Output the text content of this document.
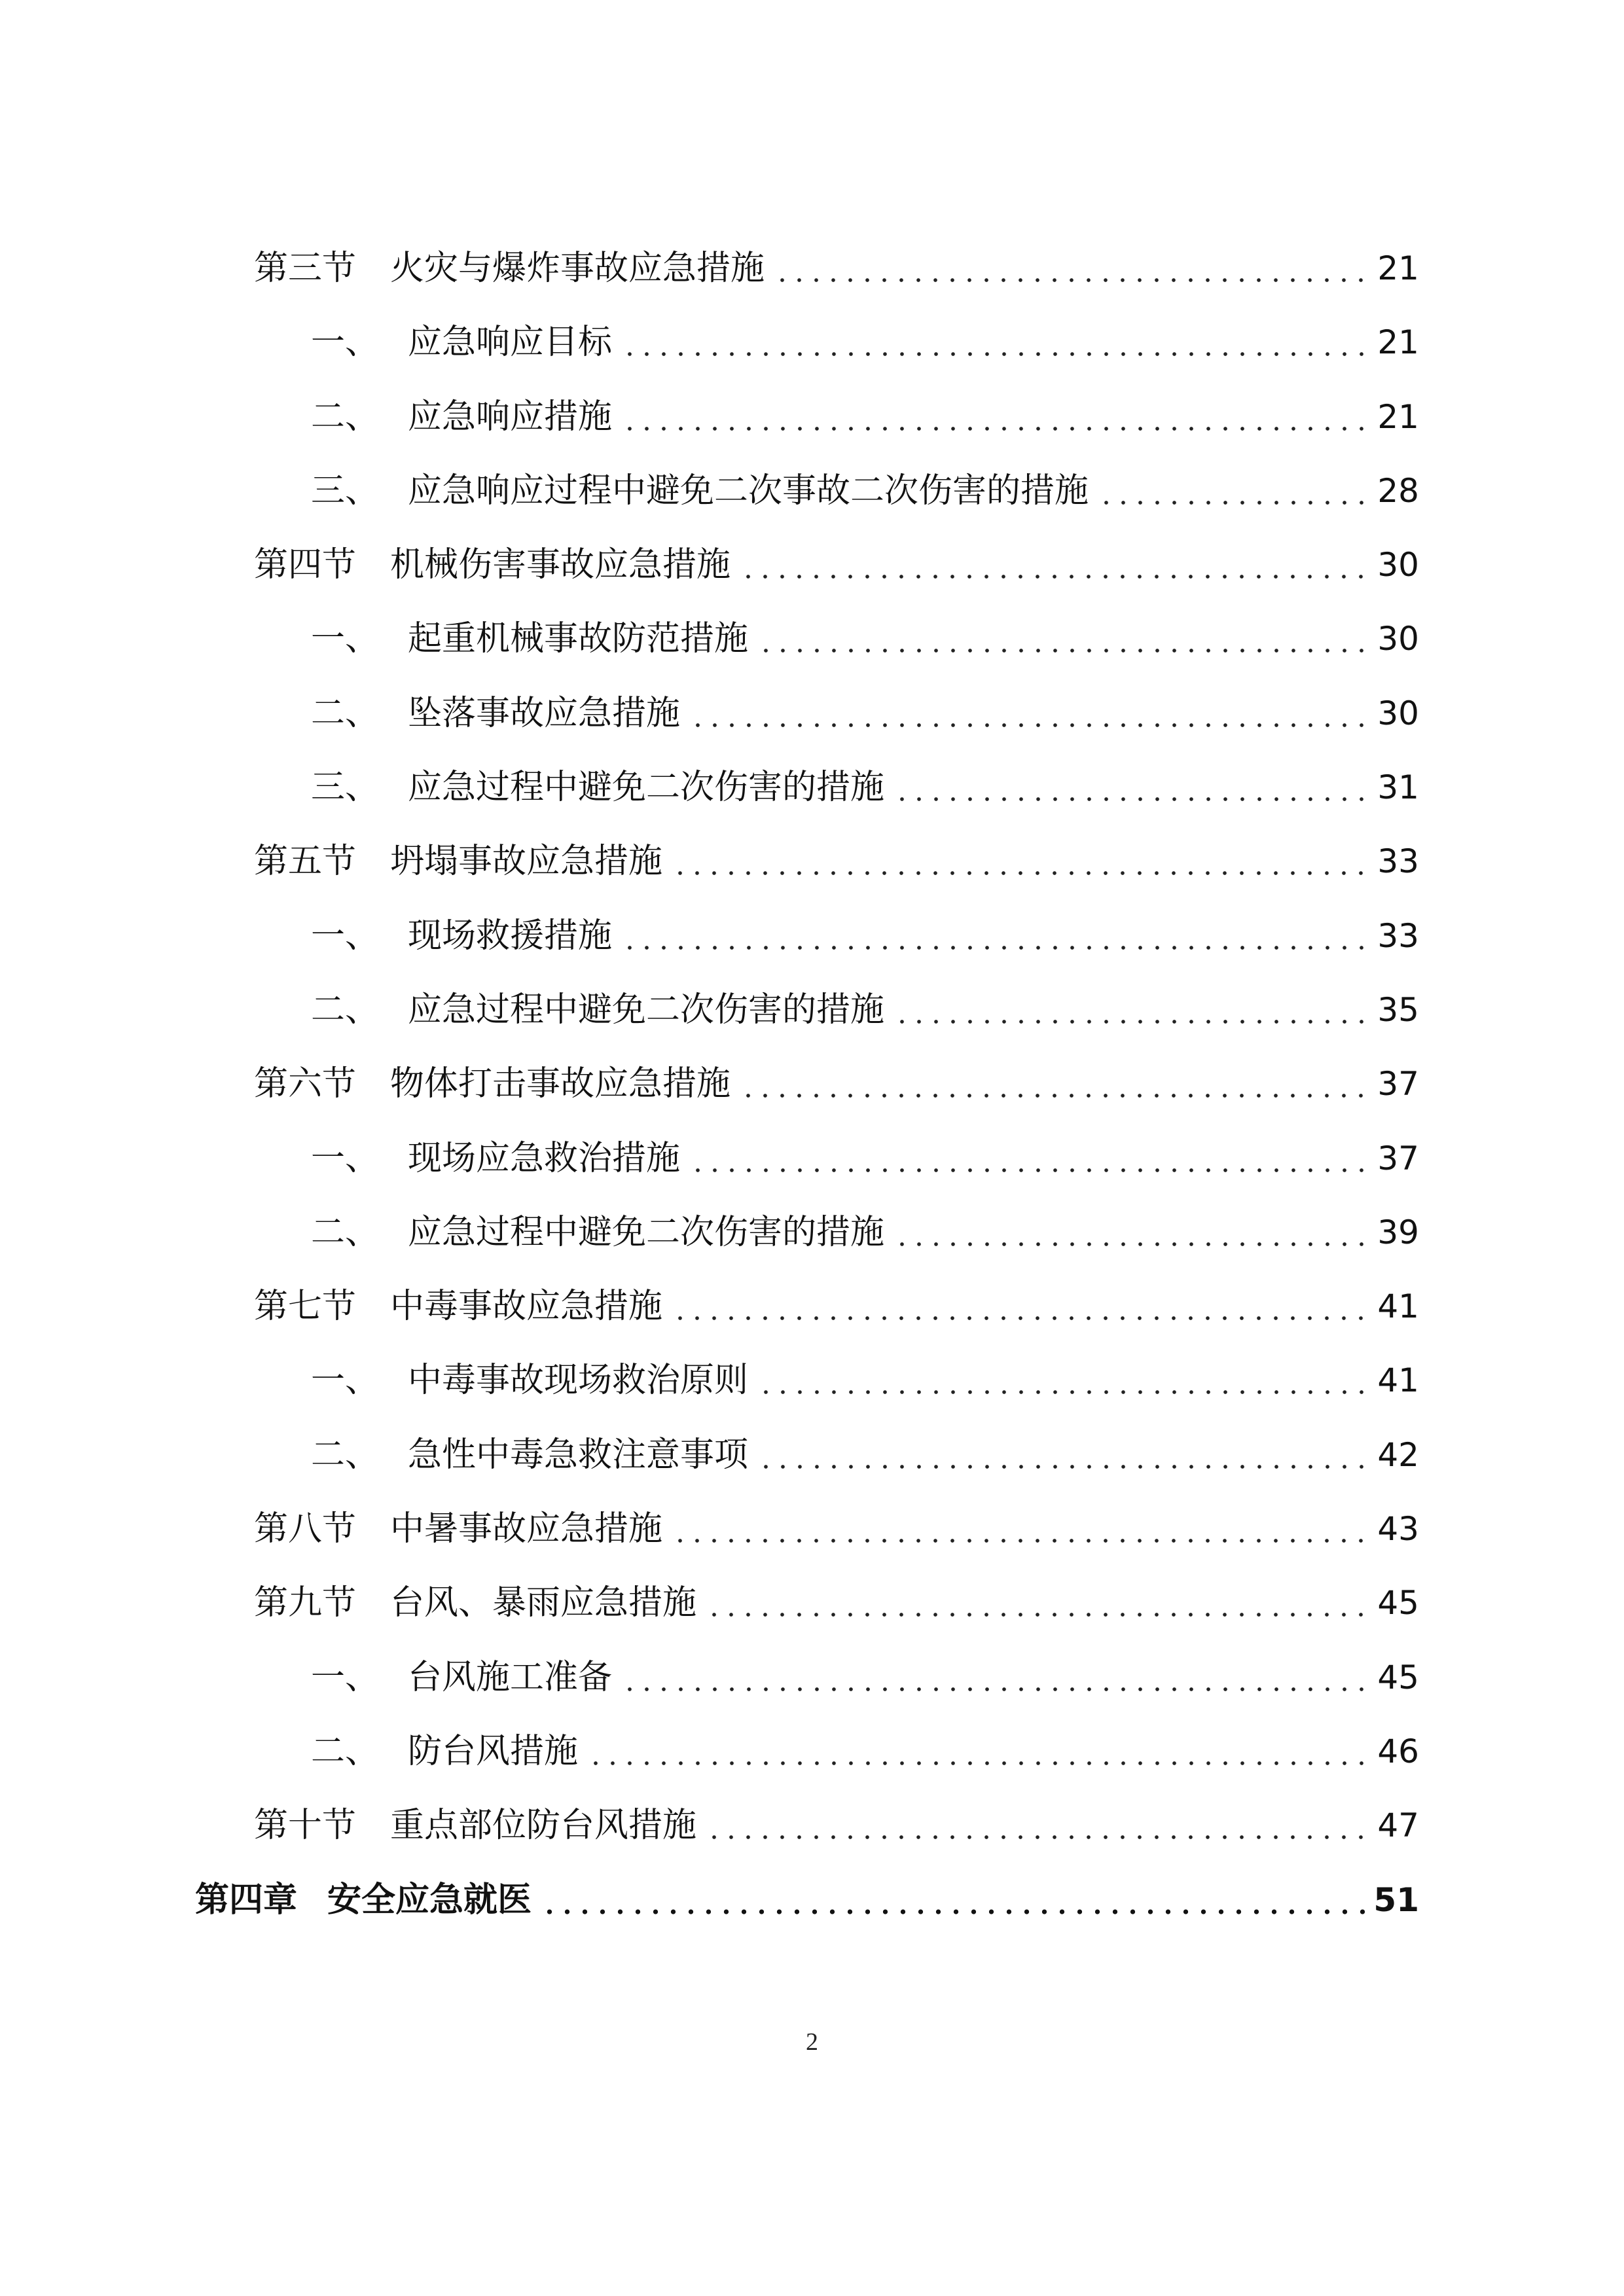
第三节 火灾与爆炸事故应急措施	21
一、 应急响应目标	21
二、 应急响应措施	21
三、 应急响应过程中避免二次事故二次伤害的措施	28
第四节 机械伤害事故应急措施	30
一、 起重机械事故防范措施	30
二、 坠落事故应急措施	30
三、 应急过程中避免二次伤害的措施	31
第五节 坍塌事故应急措施	33
一、 现场救援措施	33
二、 应急过程中避免二次伤害的措施	35
第六节 物体打击事故应急措施	37
一、 现场应急救治措施	37
二、 应急过程中避免二次伤害的措施	39
第七节 中毒事故应急措施	41
一、 中毒事故现场救治原则	41
二、 急性中毒急救注意事项	42
第八节 中暑事故应急措施	43
第九节 台风、暴雨应急措施	45
一、 台风施工准备	45
二、 防台风措施	46
第十节 重点部位防台风措施	47
第四章 安全应急就医	51
2
